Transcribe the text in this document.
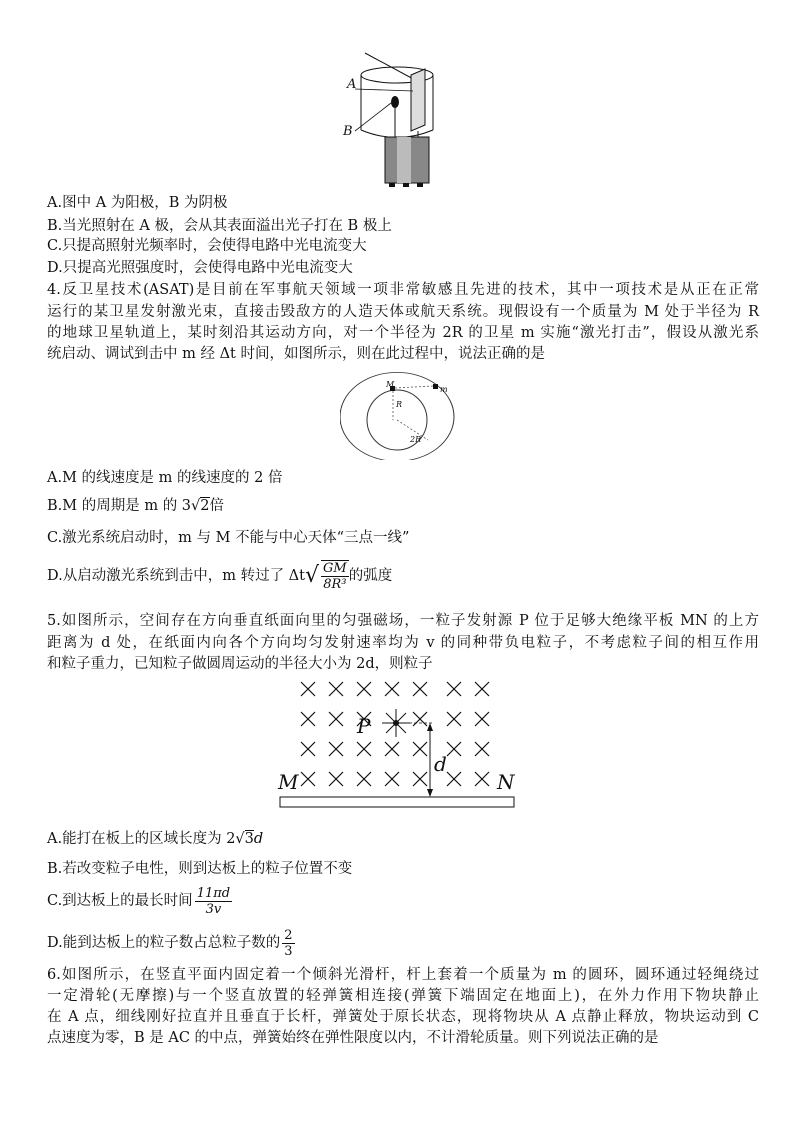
A
B
A.图中 A 为阳极，B 为阴极
B.当光照射在 A 极，会从其表面溢出光子打在 B 极上
C.只提高照射光频率时，会使得电路中光电流变大
D.只提高光照强度时，会使得电路中光电流变大
4.反卫星技术(ASAT)是目前在军事航天领域一项非常敏感且先进的技术，其中一项技术是从正在正常
运行的某卫星发射激光束，直接击毁敌方的人造天体或航天系统。现假设有一个质量为 M 处于半径为 R
的地球卫星轨道上，某时刻沿其运动方向，对一个半径为 2R 的卫星 m 实施“激光打击”，假设从激光系
统启动、调试到击中 m 经 Δt 时间，如图所示，则在此过程中，说法正确的是
M
m
R
2R
A.M 的线速度是 m 的线速度的 2 倍
B.M 的周期是 m 的 3√2倍
C.激光系统启动时，m 与 M 不能与中心天体“三点一线”
D.从启动激光系统到击中，m 转过了 $\Delta t√ \frac{GM}{\text{8R³}}$ 的弧度
5.如图所示，空间存在方向垂直纸面向里的匀强磁场，一粒子发射源 P 位于足够大绝缘平板 MN 的上方
距离为 d 处，在纸面内向各个方向均匀发射速率均为 v 的同种带负电粒子，不考虑粒子间的相互作用
和粒子重力，已知粒子做圆周运动的半径大小为 2d，则粒子
P
d
M	N
A.能打在板上的区域长度为 2√3d
B.若改变粒子电性，则到达板上的粒子位置不变
C.到达板上的最长时间 $\frac{11\pi d}{3v}$
D.能到达板上的粒子数占总粒子数的 $\frac{2}{3}$
6.如图所示，在竖直平面内固定着一个倾斜光滑杆，杆上套着一个质量为 m 的圆环，圆环通过轻绳绕过
一定滑轮(无摩擦)与一个竖直放置的轻弹簧相连接(弹簧下端固定在地面上)，在外力作用下物块静止
在 A 点，细线刚好拉直并且垂直于长杆，弹簧处于原长状态，现将物块从 A 点静止释放，物块运动到 C
点速度为零，B 是 AC 的中点，弹簧始终在弹性限度以内，不计滑轮质量。则下列说法正确的是
